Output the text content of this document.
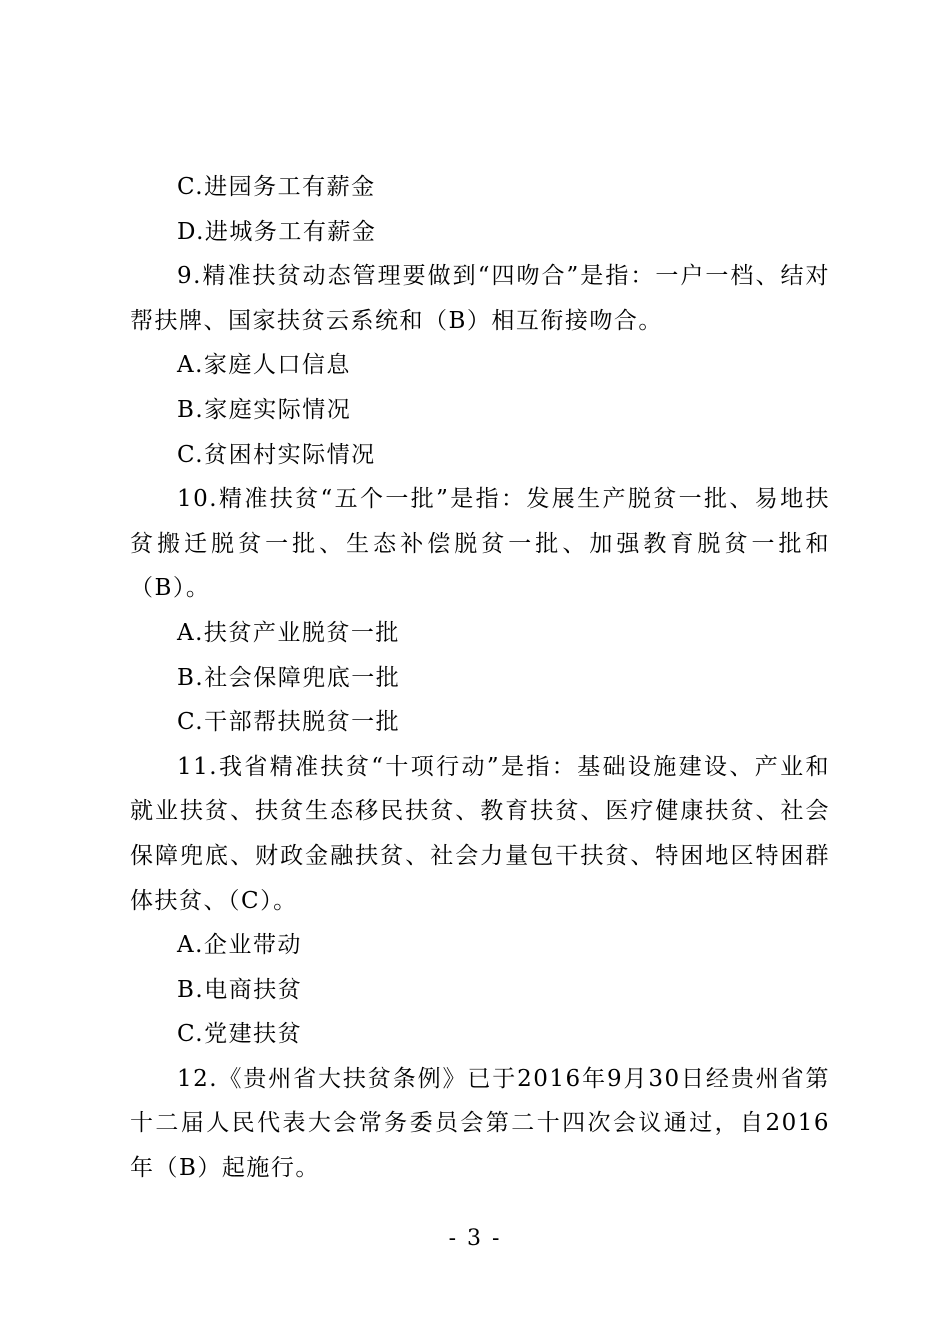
C.进园务工有薪金

D.进城务工有薪金

9.精准扶贫动态管理要做到“四吻合”是指：一户一档、结对帮扶牌、国家扶贫云系统和（B）相互衔接吻合。

A.家庭人口信息

B.家庭实际情况

C.贫困村实际情况

10.精准扶贫“五个一批”是指：发展生产脱贫一批、易地扶贫搬迁脱贫一批、生态补偿脱贫一批、加强教育脱贫一批和（B）。

A.扶贫产业脱贫一批

B.社会保障兜底一批

C.干部帮扶脱贫一批

11.我省精准扶贫“十项行动”是指：基础设施建设、产业和就业扶贫、扶贫生态移民扶贫、教育扶贫、医疗健康扶贫、社会保障兜底、财政金融扶贫、社会力量包干扶贫、特困地区特困群体扶贫、（C）。

A.企业带动

B.电商扶贫

C.党建扶贫

12.《贵州省大扶贫条例》已于2016年9月30日经贵州省第十二届人民代表大会常务委员会第二十四次会议通过，自2016年（B）起施行。

- 3 -
